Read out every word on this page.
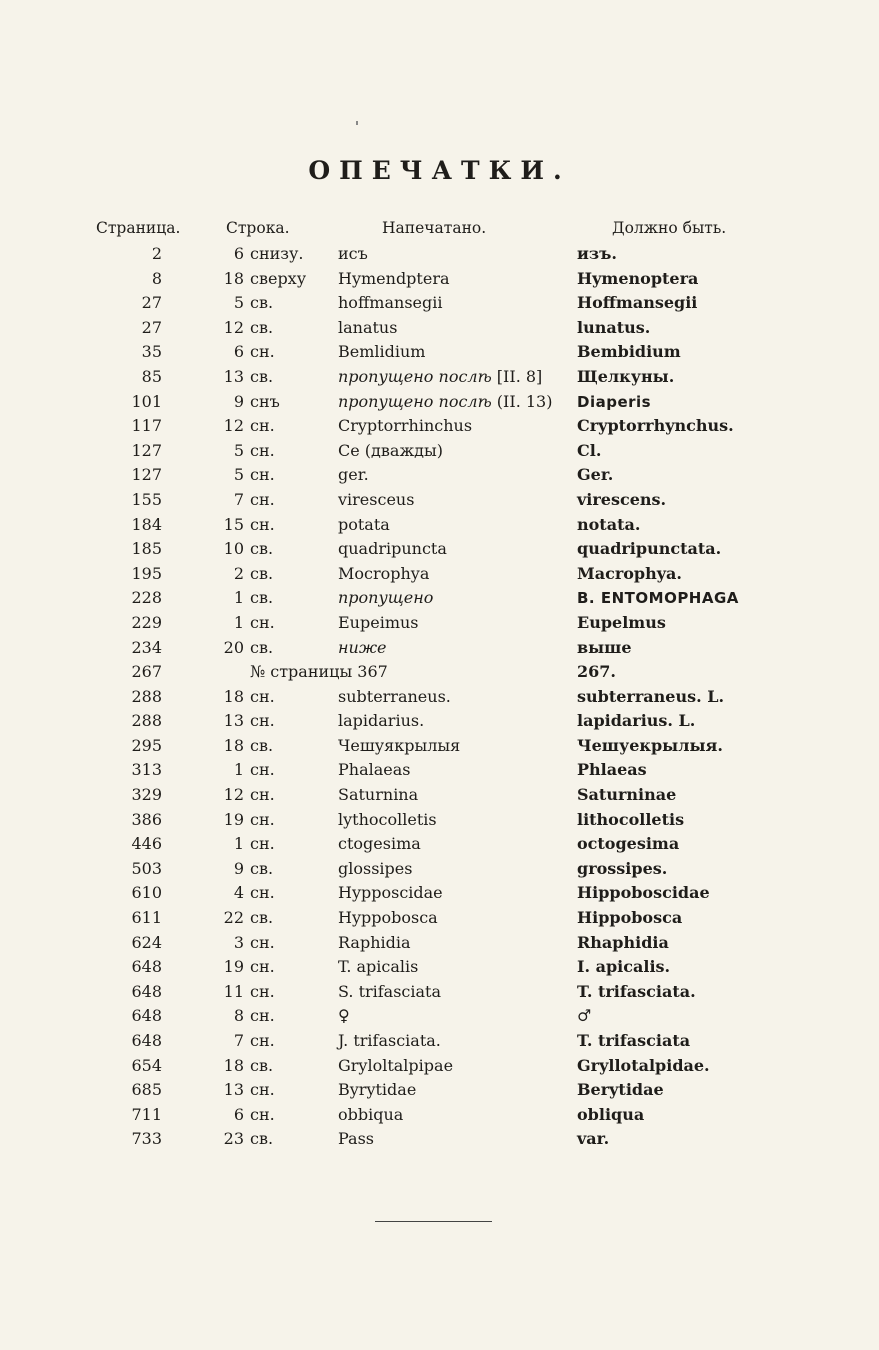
ОПЕЧАТКИ.
Страница.	Строка.	Напечатано.	Должно быть.
2	6 снизу.	исъ	изъ.
8	18 сверху	Hymendptera	Hymenoptera
27	5 св.	hoffmansegii	Hoffmansegii
27	12 св.	lanatus	lunatus.
35	6 сн.	Bemlidium	Bembidium
85	13 св.	пропущено послѣ [II. 8]	Щелкуны.
101	9 снъ	пропущено послѣ (II. 13)	Diaperis
117	12 сн.	Cryptorrhinchus	Cryptorrhynchus.
127	5 сн.	Ce (дважды)	Cl.
127	5 сн.	ger.	Ger.
155	7 сн.	viresceus	virescens.
184	15 сн.	potata	notata.
185	10 св.	quadripuncta	quadripunctata.
195	2 св.	Mocrophya	Macrophya.
228	1 св.	пропущено	B. ENTOMOPHAGA
229	1 сн.	Eupeimus	Eupelmus
234	20 св.	ниже	выше
267	№ страницы 367	267.
288	18 сн.	subterraneus.	subterraneus. L.
288	13 сн.	lapidarius.	lapidarius. L.
295	18 св.	Чешуякрылыя	Чешуекрылыя.
313	1 сн.	Phalaeas	Phlaeas
329	12 сн.	Saturnina	Saturninae
386	19 сн.	lythocolletis	lithocolletis
446	1 сн.	ctogesima	octogesima
503	9 св.	glossipes	grossipes.
610	4 сн.	Hypposcidae	Hippoboscidae
611	22 св.	Hyppobosca	Hippobosca
624	3 сн.	Raphidia	Rhaphidia
648	19 сн.	T. apicalis	I. apicalis.
648	11 сн.	S. trifasciata	T. trifasciata.
648	8 сн.	♀	♂
648	7 сн.	J. trifasciata.	T. trifasciata
654	18 св.	Gryloltalpipae	Gryllotalpidae.
685	13 сн.	Byrytidae	Berytidae
711	6 сн.	obbiqua	obliqua
733	23 св.	Pass	var.
